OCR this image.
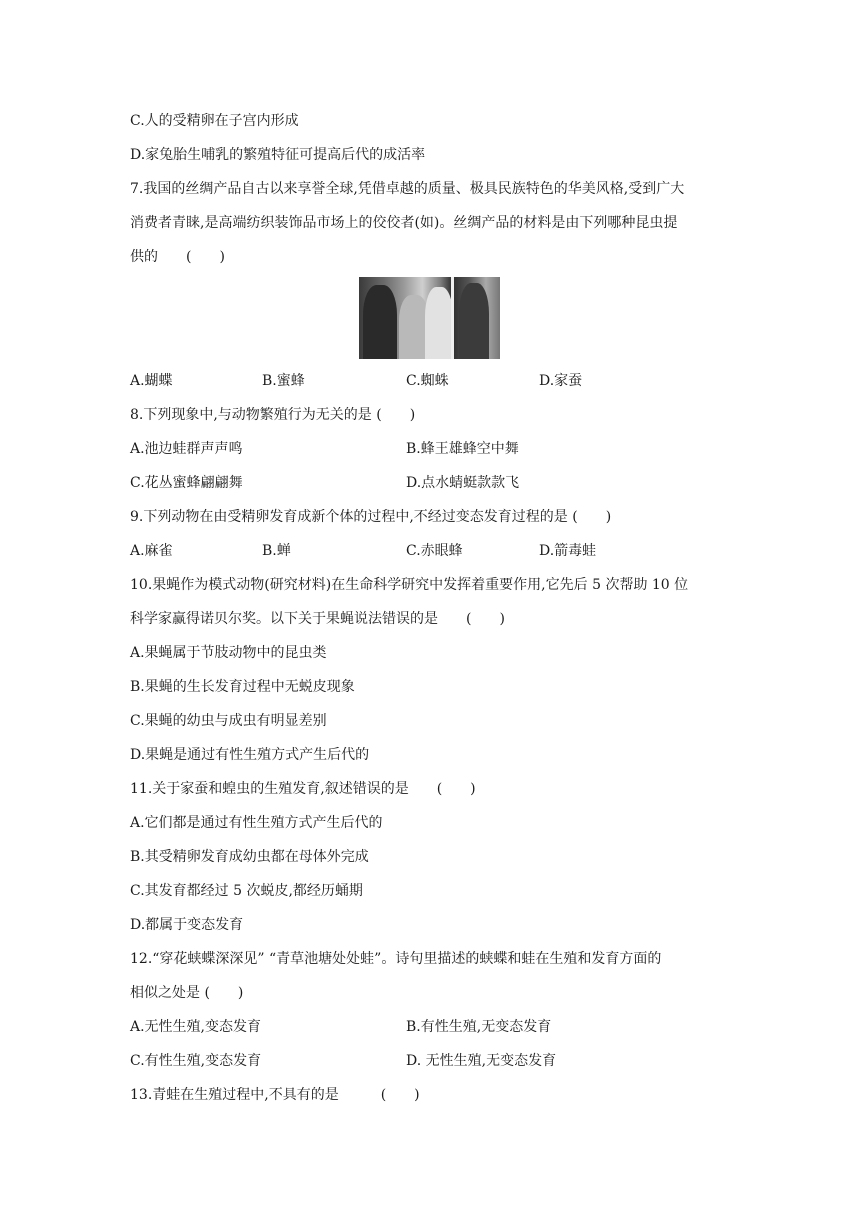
C.人的受精卵在子宫内形成
D.家兔胎生哺乳的繁殖特征可提高后代的成活率
7.我国的丝绸产品自古以来享誉全球,凭借卓越的质量、极具民族特色的华美风格,受到广大
消费者青睐,是高端纺织装饰品市场上的佼佼者(如)。丝绸产品的材料是由下列哪种昆虫提
供的　　(　　)
A.蝴蝶	B.蜜蜂	C.蜘蛛	D.家蚕
8.下列现象中,与动物繁殖行为无关的是 (　　)
A.池边蛙群声声鸣	B.蜂王雄蜂空中舞
C.花丛蜜蜂翩翩舞	D.点水蜻蜓款款飞
9.下列动物在由受精卵发育成新个体的过程中,不经过变态发育过程的是 (　　)
A.麻雀	B.蝉	C.赤眼蜂	D.箭毒蛙
10.果蝇作为模式动物(研究材料)在生命科学研究中发挥着重要作用,它先后 5 次帮助 10 位
科学家赢得诺贝尔奖。以下关于果蝇说法错误的是　　(　　)
A.果蝇属于节肢动物中的昆虫类
B.果蝇的生长发育过程中无蜕皮现象
C.果蝇的幼虫与成虫有明显差别
D.果蝇是通过有性生殖方式产生后代的
11.关于家蚕和蝗虫的生殖发育,叙述错误的是　　(　　)
A.它们都是通过有性生殖方式产生后代的
B.其受精卵发育成幼虫都在母体外完成
C.其发育都经过 5 次蜕皮,都经历蛹期
D.都属于变态发育
12.“穿花蛱蝶深深见” “青草池塘处处蛙”。诗句里描述的蛱蝶和蛙在生殖和发育方面的
相似之处是 (　　)
A.无性生殖,变态发育	B.有性生殖,无变态发育
C.有性生殖,变态发育	D. 无性生殖,无变态发育
13.青蛙在生殖过程中,不具有的是　　　(　　)
